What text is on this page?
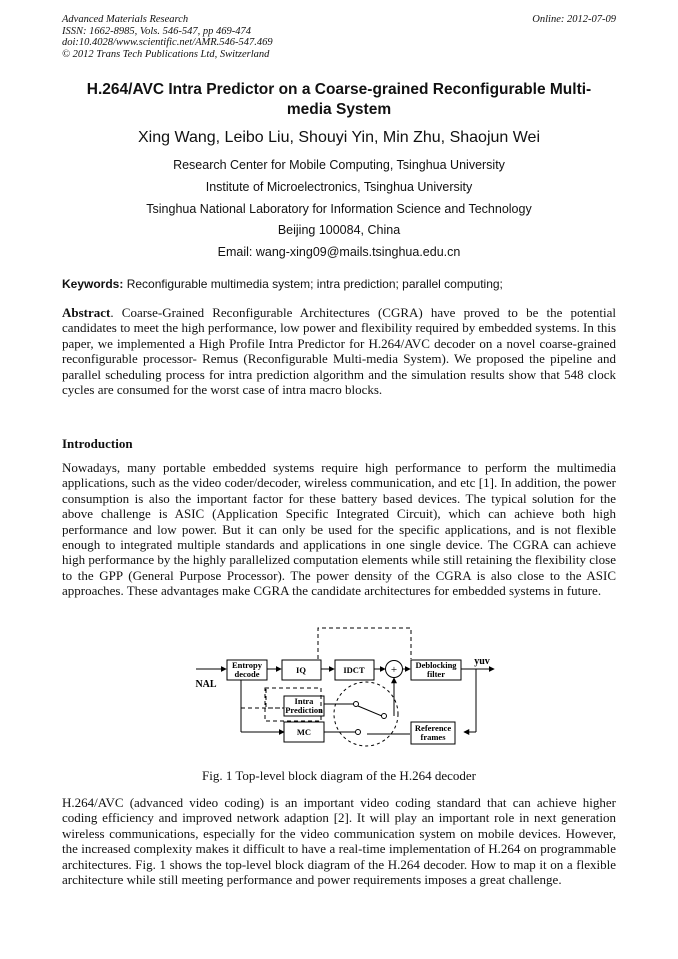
Advanced Materials Research
ISSN: 1662-8985, Vols. 546-547, pp 469-474
doi:10.4028/www.scientific.net/AMR.546-547.469
© 2012 Trans Tech Publications Ltd, Switzerland
Online: 2012-07-09
H.264/AVC Intra Predictor on a Coarse-grained Reconfigurable Multi-
media System
Xing Wang, Leibo Liu, Shouyi Yin, Min Zhu, Shaojun Wei
Research Center for Mobile Computing, Tsinghua University
Institute of Microelectronics, Tsinghua University
Tsinghua National Laboratory for Information Science and Technology
Beijing 100084, China
Email: wang-xing09@mails.tsinghua.edu.cn
Keywords: Reconfigurable multimedia system; intra prediction; parallel computing;
Abstract. Coarse-Grained Reconfigurable Architectures (CGRA) have proved to be the potential candidates to meet the high performance, low power and flexibility required by embedded systems. In this paper, we implemented a High Profile Intra Predictor for H.264/AVC decoder on a novel coarse-grained reconfigurable processor- Remus (Reconfigurable Multi-media System). We proposed the pipeline and parallel scheduling process for intra prediction algorithm and the simulation results show that 548 clock cycles are consumed for the worst case of intra macro blocks.
Introduction
Nowadays, many portable embedded systems require high performance to perform the multimedia applications, such as the video coder/decoder, wireless communication, and etc [1]. In addition, the power consumption is also the important factor for these battery based devices. The typical solution for the above challenge is ASIC (Application Specific Integrated Circuit), which can achieve both high performance and low power. But it can only be used for the specific applications, and is not flexible enough to integrated multiple standards and applications in one single device. The CGRA can achieve high performance by the highly parallelized computation elements while still retaining the flexibility close to the GPP (General Purpose Processor). The power density of the CGRA is also close to the ASIC approaches. These advantages make CGRA the candidate architectures for embedded systems in future.
Entropy
decode	IQ	IDCT + Deblocking
filter
Intra
Prediction
MC	Reference
frames
NAL
yuv
Fig. 1 Top-level block diagram of the H.264 decoder
H.264/AVC (advanced video coding) is an important video coding standard that can achieve higher coding efficiency and improved network adaption [2]. It will play an important role in next generation wireless communications, especially for the video communication system on mobile devices. However, the increased complexity makes it difficult to have a real-time implementation of H.264 on programmable architectures. Fig. 1 shows the top-level block diagram of the H.264 decoder. How to map it on a flexible architecture while still meeting performance and power requirements imposes a great challenge.
